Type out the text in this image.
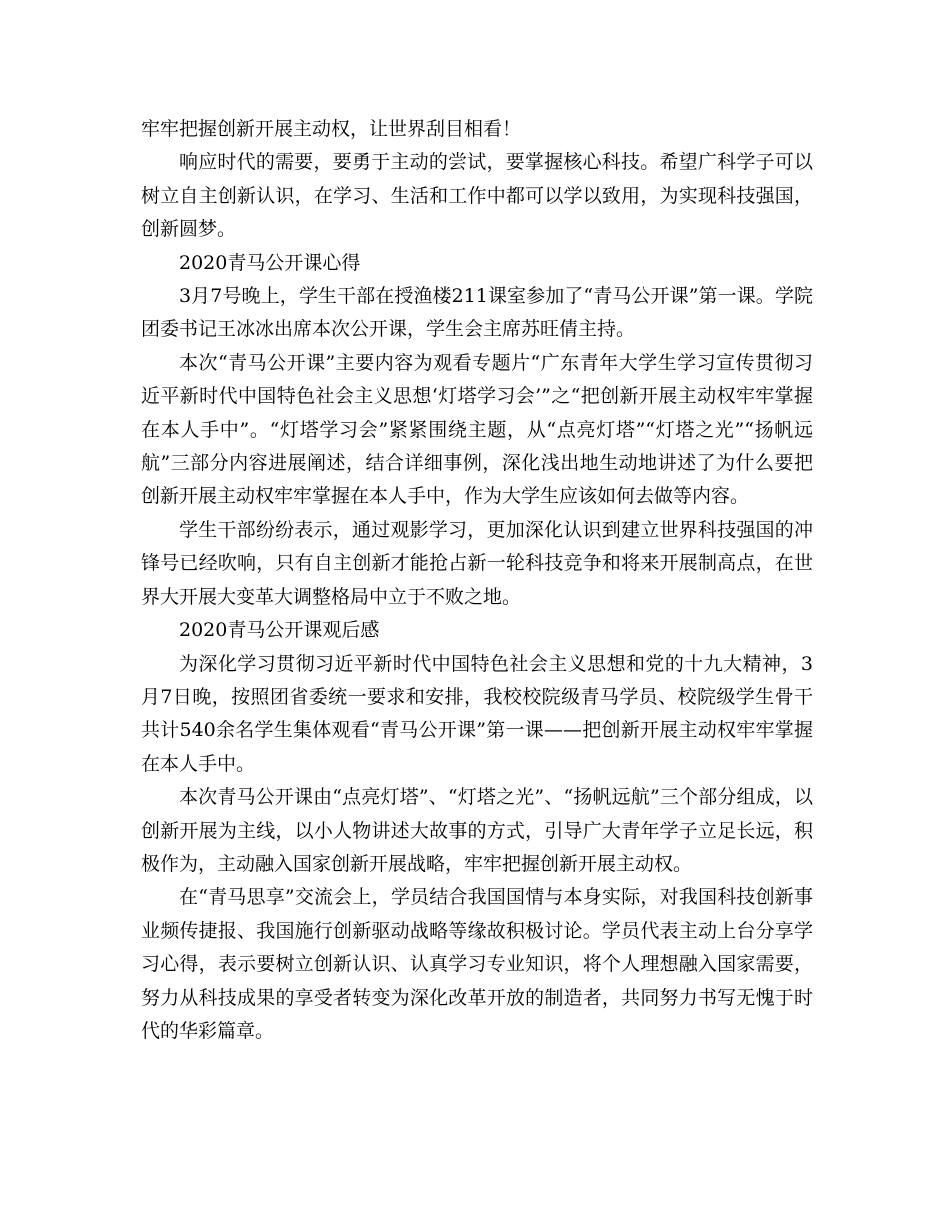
牢牢把握创新开展主动权，让世界刮目相看！

响应时代的需要，要勇于主动的尝试，要掌握核心科技。希望广科学子可以树立自主创新认识，在学习、生活和工作中都可以学以致用，为实现科技强国，创新圆梦。

2020青马公开课心得

3月7号晚上，学生干部在授渔楼211课室参加了“青马公开课”第一课。学院团委书记王冰冰出席本次公开课，学生会主席苏旺倩主持。

本次“青马公开课”主要内容为观看专题片“广东青年大学生学习宣传贯彻习近平新时代中国特色社会主义思想‘灯塔学习会’”之“把创新开展主动权牢牢掌握在本人手中”。“灯塔学习会”紧紧围绕主题，从“点亮灯塔”“灯塔之光”“扬帆远航”三部分内容进展阐述，结合详细事例，深化浅出地生动地讲述了为什么要把创新开展主动权牢牢掌握在本人手中，作为大学生应该如何去做等内容。

学生干部纷纷表示，通过观影学习，更加深化认识到建立世界科技强国的冲锋号已经吹响，只有自主创新才能抢占新一轮科技竞争和将来开展制高点，在世界大开展大变革大调整格局中立于不败之地。

2020青马公开课观后感

为深化学习贯彻习近平新时代中国特色社会主义思想和党的十九大精神，3月7日晚，按照团省委统一要求和安排，我校校院级青马学员、校院级学生骨干共计540余名学生集体观看“青马公开课”第一课——把创新开展主动权牢牢掌握在本人手中。

本次青马公开课由“点亮灯塔”、“灯塔之光”、“扬帆远航”三个部分组成，以创新开展为主线，以小人物讲述大故事的方式，引导广大青年学子立足长远，积极作为，主动融入国家创新开展战略，牢牢把握创新开展主动权。

在“青马思享”交流会上，学员结合我国国情与本身实际，对我国科技创新事业频传捷报、我国施行创新驱动战略等缘故积极讨论。学员代表主动上台分享学习心得，表示要树立创新认识、认真学习专业知识，将个人理想融入国家需要，努力从科技成果的享受者转变为深化改革开放的制造者，共同努力书写无愧于时代的华彩篇章。
